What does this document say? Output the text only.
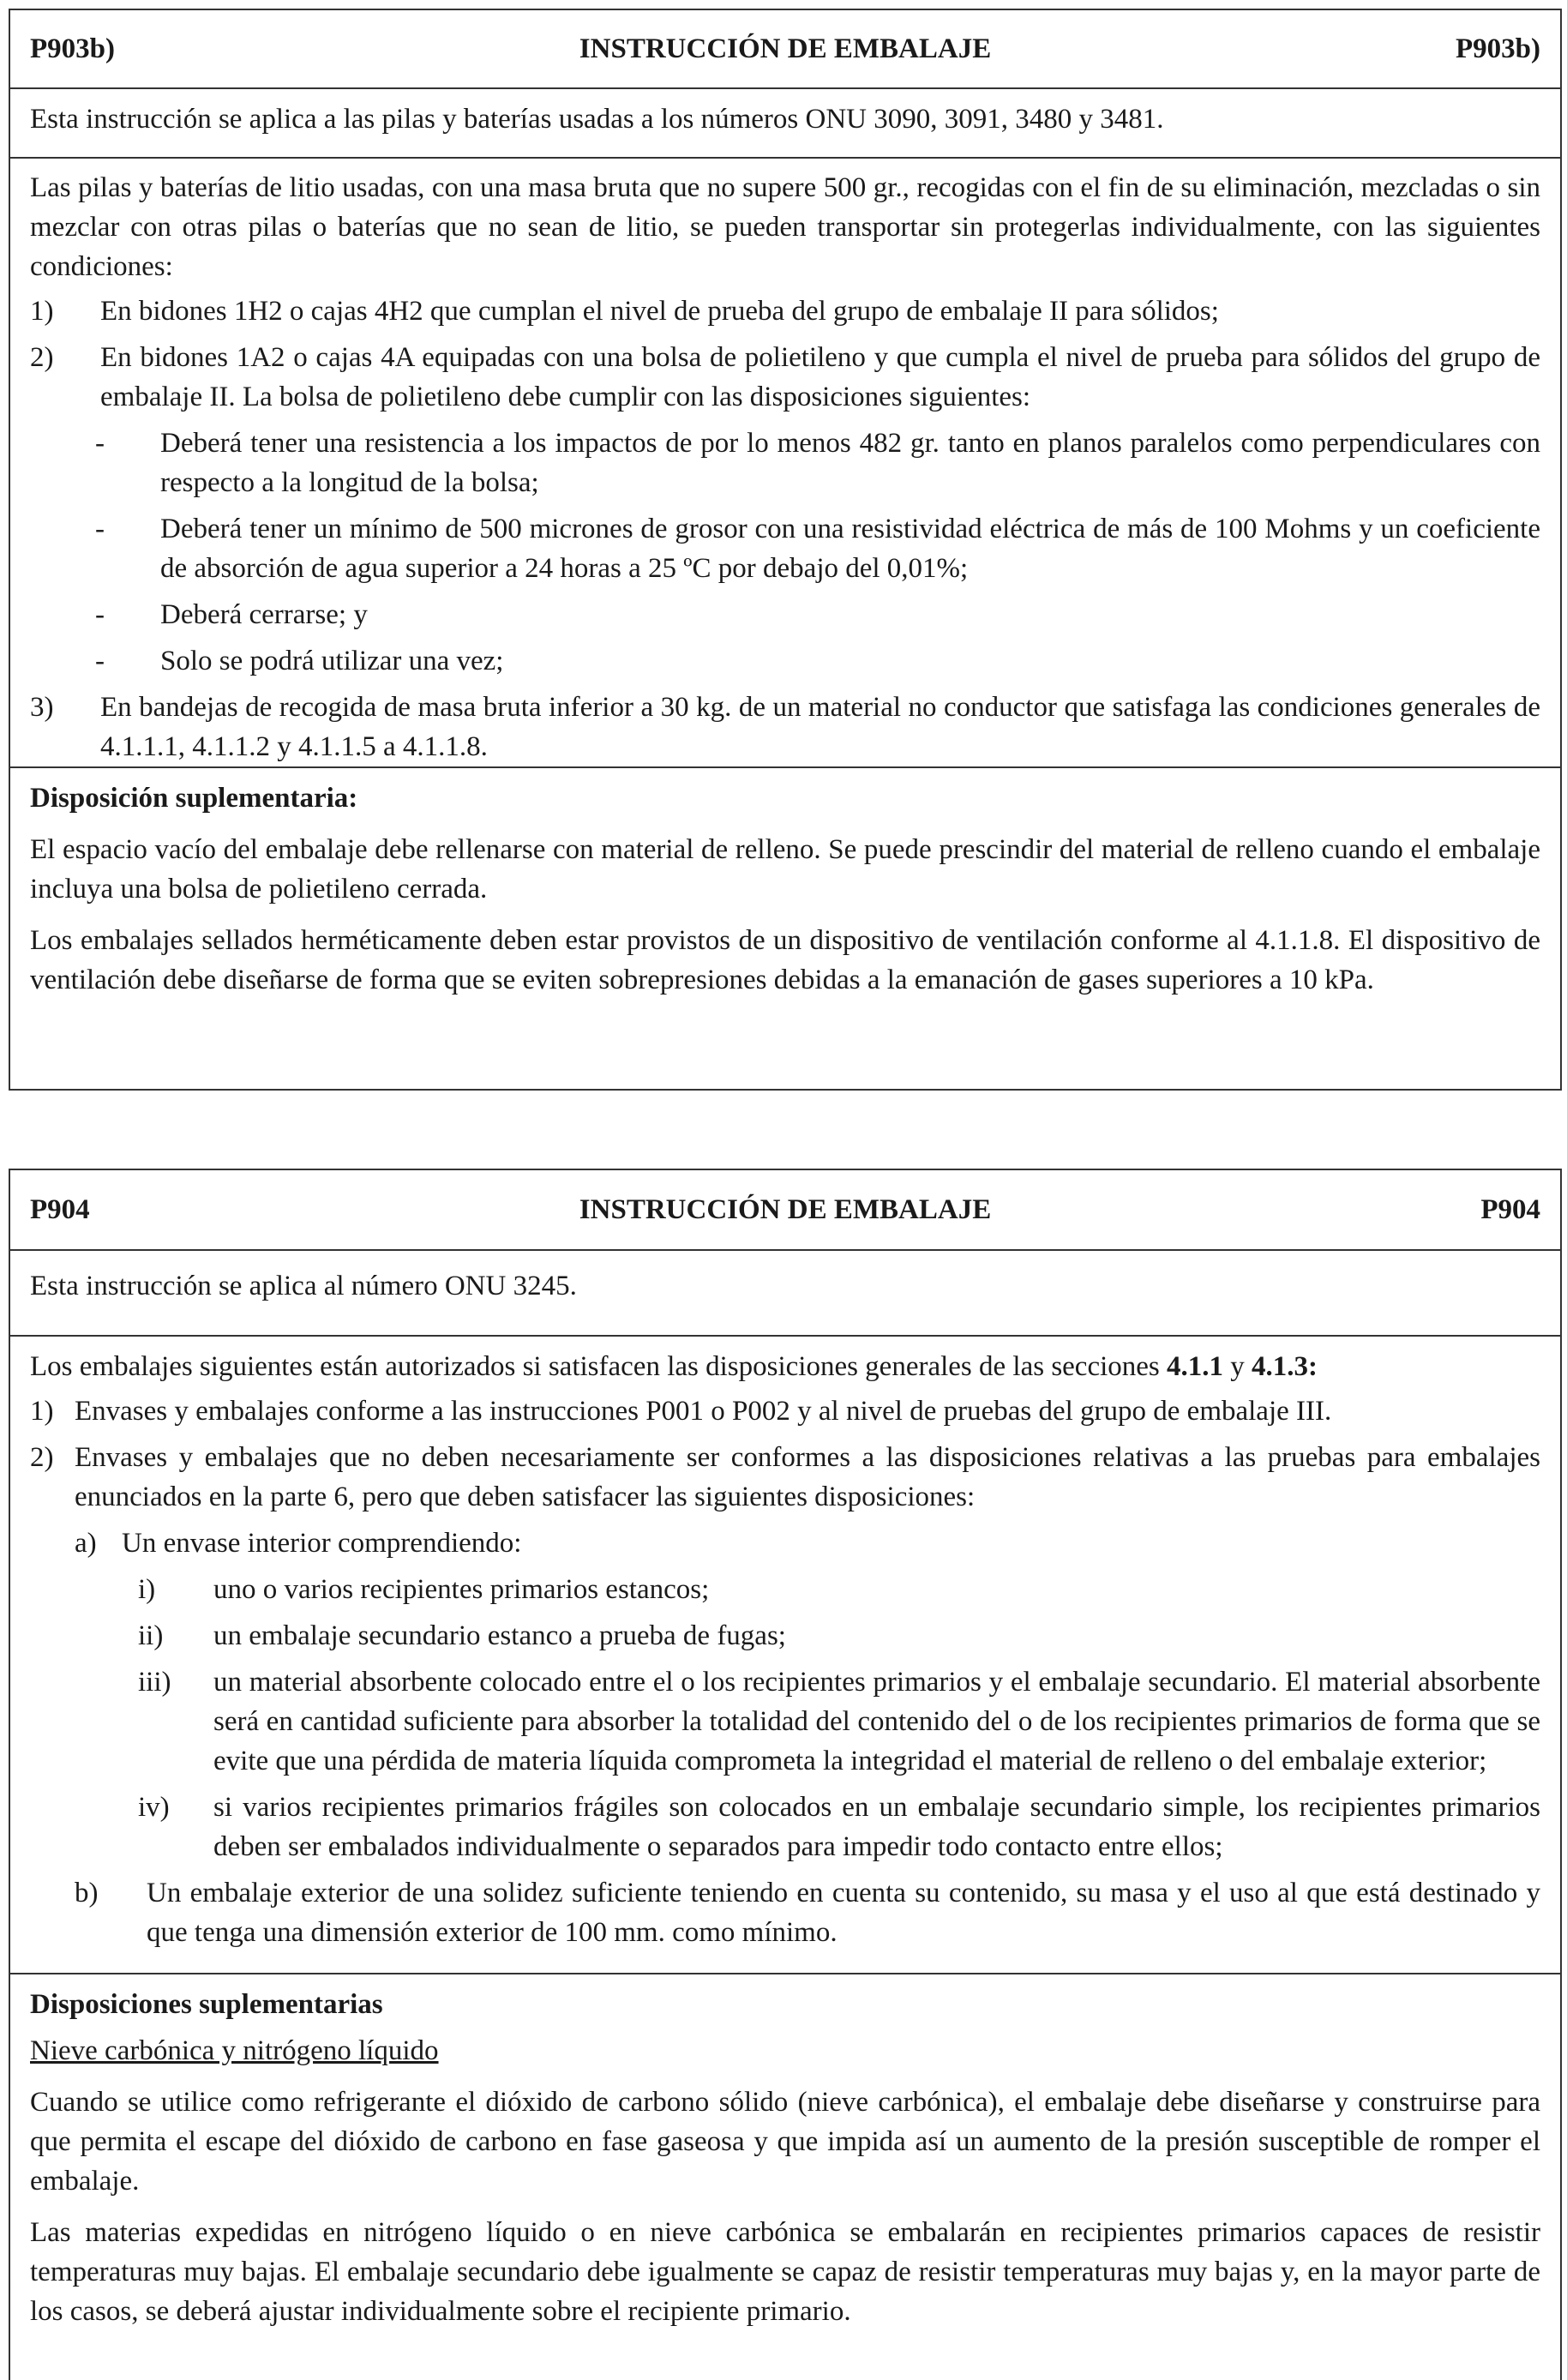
P903b)	INSTRUCCIÓN DE EMBALAJE	P903b)

Esta instrucción se aplica a las pilas y baterías usadas a los números ONU 3090, 3091, 3480 y 3481.

Las pilas y baterías de litio usadas, con una masa bruta que no supere 500 gr., recogidas con el fin de su eliminación, mezcladas o sin mezclar con otras pilas o baterías que no sean de litio, se pueden transportar sin protegerlas individualmente, con las siguientes condiciones:

1)	En bidones 1H2 o cajas 4H2 que cumplan el nivel de prueba del grupo de embalaje II para sólidos;
2)	En bidones 1A2 o cajas 4A equipadas con una bolsa de polietileno y que cumpla el nivel de prueba para sólidos del grupo de embalaje II. La bolsa de polietileno debe cumplir con las disposiciones siguientes:
-	Deberá tener una resistencia a los impactos de por lo menos 482 gr. tanto en planos paralelos como perpendiculares con respecto a la longitud de la bolsa;
-	Deberá tener un mínimo de 500 micrones de grosor con una resistividad eléctrica de más de 100 Mohms y un coeficiente de absorción de agua superior a 24 horas a 25 ºC por debajo del 0,01%;
-	Deberá cerrarse; y
-	Solo se podrá utilizar una vez;
3)	En bandejas de recogida de masa bruta inferior a 30 kg. de un material no conductor que satisfaga las condiciones generales de 4.1.1.1, 4.1.1.2 y 4.1.1.5 a 4.1.1.8.

Disposición suplementaria:

El espacio vacío del embalaje debe rellenarse con material de relleno. Se puede prescindir del material de relleno cuando el embalaje incluya una bolsa de polietileno cerrada.

Los embalajes sellados herméticamente deben estar provistos de un dispositivo de ventilación conforme al 4.1.1.8. El dispositivo de ventilación debe diseñarse de forma que se eviten sobrepresiones debidas a la emanación de gases superiores a 10 kPa.

P904	INSTRUCCIÓN DE EMBALAJE	P904

Esta instrucción se aplica al número ONU 3245.

Los embalajes siguientes están autorizados si satisfacen las disposiciones generales de las secciones 4.1.1 y 4.1.3:

1) Envases y embalajes conforme a las instrucciones P001 o P002 y al nivel de pruebas del grupo de embalaje III.
2) Envases y embalajes que no deben necesariamente ser conformes a las disposiciones relativas a las pruebas para embalajes enunciados en la parte 6, pero que deben satisfacer las siguientes disposiciones:
a) Un envase interior comprendiendo:
i)	uno o varios recipientes primarios estancos;
ii)	un embalaje secundario estanco a prueba de fugas;
iii)	un material absorbente colocado entre el o los recipientes primarios y el embalaje secundario. El material absorbente será en cantidad suficiente para absorber la totalidad del contenido del o de los recipientes primarios de forma que se evite que una pérdida de materia líquida comprometa la integridad el material de relleno o del embalaje exterior;
iv)	si varios recipientes primarios frágiles son colocados en un embalaje secundario simple, los recipientes primarios deben ser embalados individualmente o separados para impedir todo contacto entre ellos;
b)	Un embalaje exterior de una solidez suficiente teniendo en cuenta su contenido, su masa y el uso al que está destinado y que tenga una dimensión exterior de 100 mm. como mínimo.

Disposiciones suplementarias

Nieve carbónica y nitrógeno líquido

Cuando se utilice como refrigerante el dióxido de carbono sólido (nieve carbónica), el embalaje debe diseñarse y construirse para que permita el escape del dióxido de carbono en fase gaseosa y que impida así un aumento de la presión susceptible de romper el embalaje.

Las materias expedidas en nitrógeno líquido o en nieve carbónica se embalarán en recipientes primarios capaces de resistir temperaturas muy bajas. El embalaje secundario debe igualmente se capaz de resistir temperaturas muy bajas y, en la mayor parte de los casos, se deberá ajustar individualmente sobre el recipiente primario.
